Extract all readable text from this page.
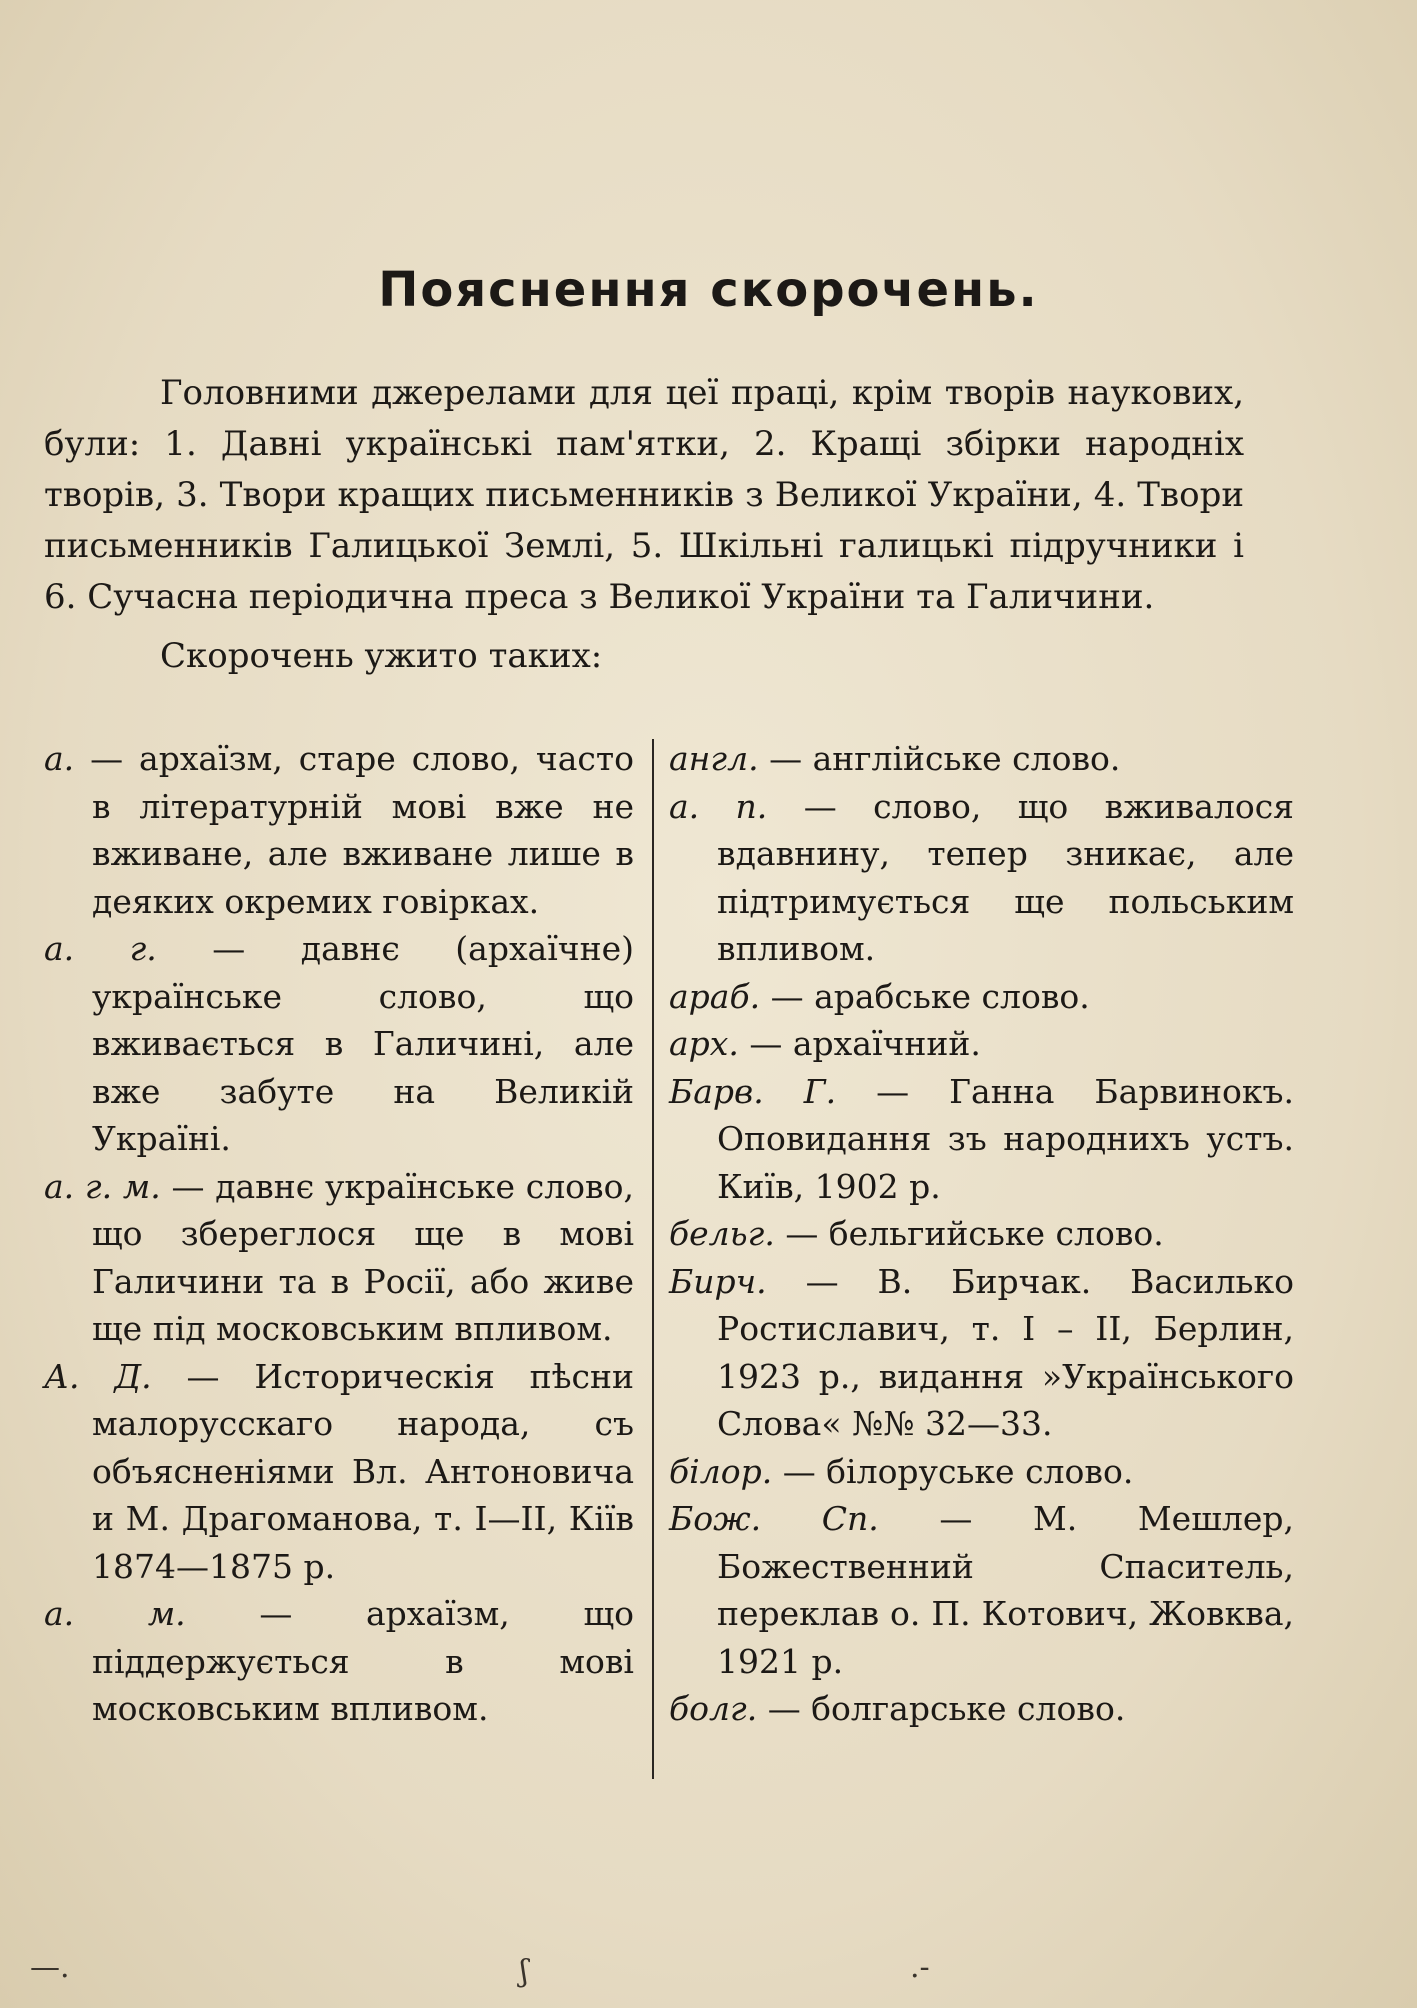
Пояснення скорочень.

Головними джерелами для цеї праці, крім творів наукових, були: 1. Давні українські пам'ятки, 2. Кращі збірки народніх творів, 3. Твори кращих письменників з Великої України, 4. Твори письменників Галицької Землі, 5. Шкільні галицькі підручники і 6. Сучасна періодична преса з Великої України та Галичини.

Скорочень ужито таких:

а. — архаїзм, старе слово, часто в літературній мові вже не вживане, але вживане лише в деяких окремих говірках.

а. г. — давнє (архаїчне) українське слово, що вживається в Галичині, але вже забуте на Великій Україні.

а. г. м. — давнє українське слово, що збереглося ще в мові Галичини та в Росії, або живе ще під московським впливом.

А. Д. — Историческія пѣсни малорусскаго народа, съ объясненіями Вл. Антоновича и М. Драгоманова, т. I—II, Кіїв 1874—1875 р.

а. м. — архаїзм, що піддержується в мові московським впливом.

англ. — англійське слово.

а. п. — слово, що вживалося вдавнину, тепер зникає, але підтримується ще польським впливом.

араб. — арабське слово.

арх. — архаїчний.

Барв. Г. — Ганна Барвинокъ. Оповидання зъ народнихъ устъ. Київ, 1902 р.

бельг. — бельгийське слово.

Бирч. — В. Бирчак. Василько Ростиславич, т. I – II, Берлин, 1923 р., видання »Українського Слова« №№ 32—33.

білор. — білоруське слово.

Бож. Сп. — М. Мешлер, Божественний Спаситель, переклав о. П. Котович, Жовква, 1921 р.

болг. — болгарське слово.

—.	ʃ	.-
